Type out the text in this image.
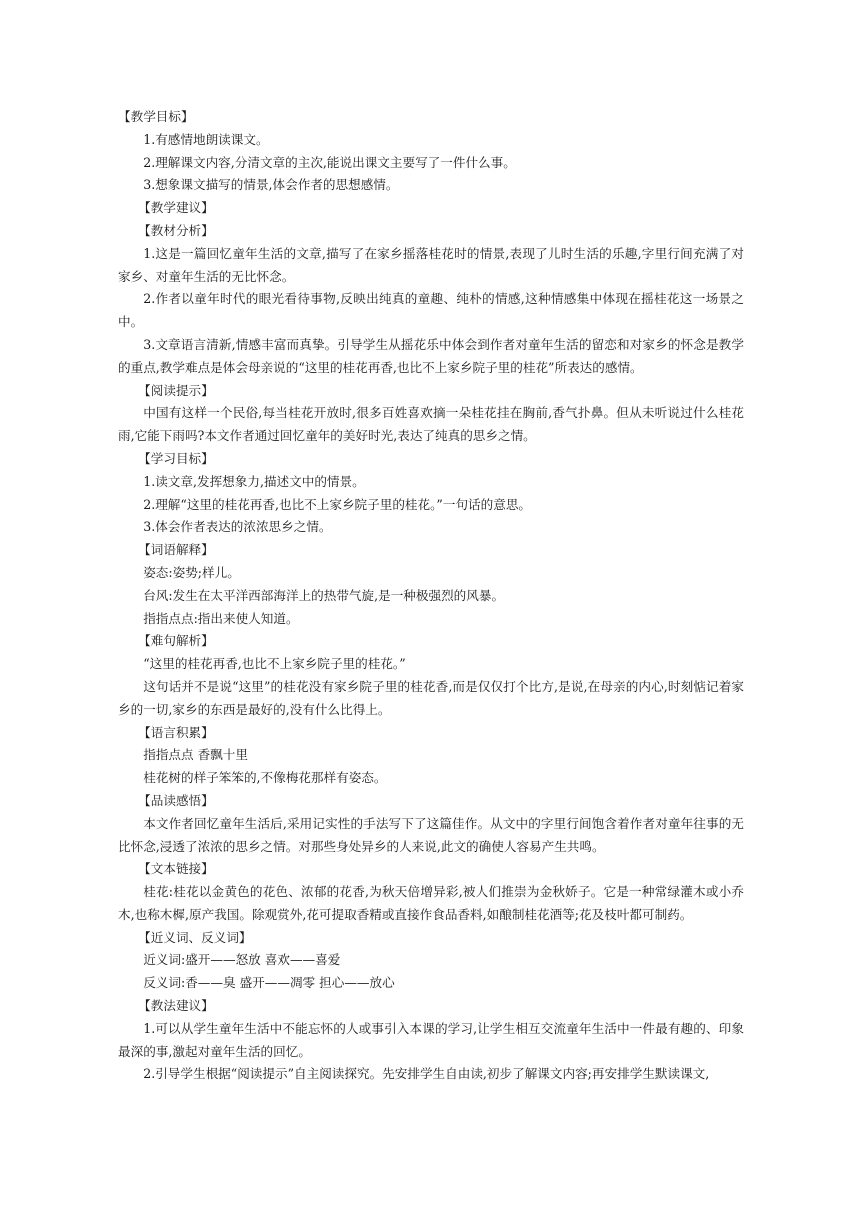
【教学目标】

1.有感情地朗读课文。

2.理解课文内容,分清文章的主次,能说出课文主要写了一件什么事。

3.想象课文描写的情景,体会作者的思想感情。

【教学建议】

【教材分析】

1.这是一篇回忆童年生活的文章,描写了在家乡摇落桂花时的情景,表现了儿时生活的乐趣,字里行间充满了对家乡、对童年生活的无比怀念。

2.作者以童年时代的眼光看待事物,反映出纯真的童趣、纯朴的情感,这种情感集中体现在摇桂花这一场景之中。

3.文章语言清新,情感丰富而真挚。引导学生从摇花乐中体会到作者对童年生活的留恋和对家乡的怀念是教学的重点,教学难点是体会母亲说的“这里的桂花再香,也比不上家乡院子里的桂花”所表达的感情。

【阅读提示】

中国有这样一个民俗,每当桂花开放时,很多百姓喜欢摘一朵桂花挂在胸前,香气扑鼻。但从未听说过什么桂花雨,它能下雨吗?本文作者通过回忆童年的美好时光,表达了纯真的思乡之情。

【学习目标】

1.读文章,发挥想象力,描述文中的情景。

2.理解“这里的桂花再香,也比不上家乡院子里的桂花。”一句话的意思。

3.体会作者表达的浓浓思乡之情。

【词语解释】

姿态:姿势;样儿。

台风:发生在太平洋西部海洋上的热带气旋,是一种极强烈的风暴。

指指点点:指出来使人知道。

【难句解析】

“这里的桂花再香,也比不上家乡院子里的桂花。”

这句话并不是说“这里”的桂花没有家乡院子里的桂花香,而是仅仅打个比方,是说,在母亲的内心,时刻惦记着家乡的一切,家乡的东西是最好的,没有什么比得上。

【语言积累】

指指点点 香飘十里

桂花树的样子笨笨的,不像梅花那样有姿态。

【品读感悟】

本文作者回忆童年生活后,采用记实性的手法写下了这篇佳作。从文中的字里行间饱含着作者对童年往事的无比怀念,浸透了浓浓的思乡之情。对那些身处异乡的人来说,此文的确使人容易产生共鸣。

【文本链接】

桂花:桂花以金黄色的花色、浓郁的花香,为秋天倍增异彩,被人们推崇为金秋娇子。它是一种常绿灌木或小乔木,也称木樨,原产我国。除观赏外,花可提取香精或直接作食品香料,如酿制桂花酒等;花及枝叶都可制药。

【近义词、反义词】

近义词:盛开——怒放 喜欢——喜爱

反义词:香——臭 盛开——凋零 担心——放心

【教法建议】

1.可以从学生童年生活中不能忘怀的人或事引入本课的学习,让学生相互交流童年生活中一件最有趣的、印象最深的事,激起对童年生活的回忆。

2.引导学生根据“阅读提示”自主阅读探究。先安排学生自由读,初步了解课文内容;再安排学生默读课文,
